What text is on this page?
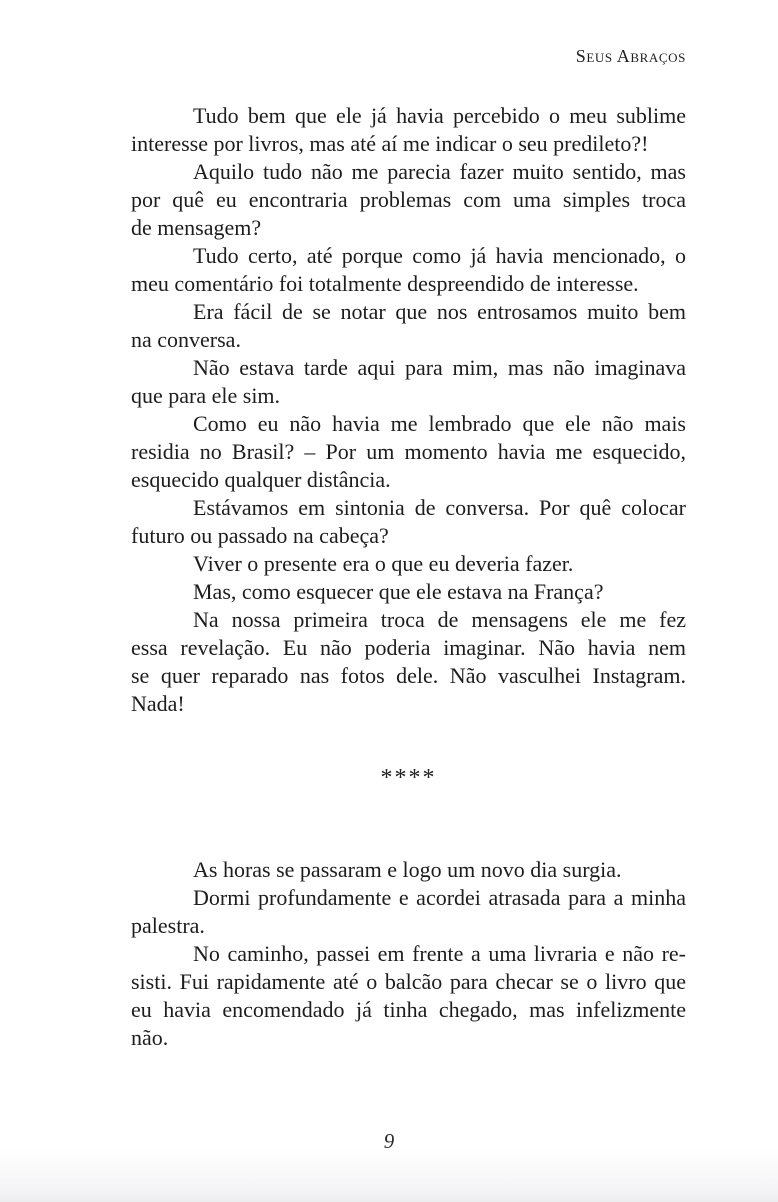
Seus Abraços
Tudo bem que ele já havia percebido o meu sublime
interesse por livros, mas até aí me indicar o seu predileto?!
Aquilo tudo não me parecia fazer muito sentido, mas
por quê eu encontraria problemas com uma simples troca
de mensagem?
Tudo certo, até porque como já havia mencionado, o
meu comentário foi totalmente despreendido de interesse.
Era fácil de se notar que nos entrosamos muito bem
na conversa.
Não estava tarde aqui para mim, mas não imaginava
que para ele sim.
Como eu não havia me lembrado que ele não mais
residia no Brasil? – Por um momento havia me esquecido,
esquecido qualquer distância.
Estávamos em sintonia de conversa. Por quê colocar
futuro ou passado na cabeça?
Viver o presente era o que eu deveria fazer.
Mas, como esquecer que ele estava na França?
Na nossa primeira troca de mensagens ele me fez
essa revelação. Eu não poderia imaginar. Não havia nem
se quer reparado nas fotos dele. Não vasculhei Instagram.
Nada!
****
As horas se passaram e logo um novo dia surgia.
Dormi profundamente e acordei atrasada para a minha
palestra.
No caminho, passei em frente a uma livraria e não re-
sisti. Fui rapidamente até o balcão para checar se o livro que
eu havia encomendado já tinha chegado, mas infelizmente
não.
9
